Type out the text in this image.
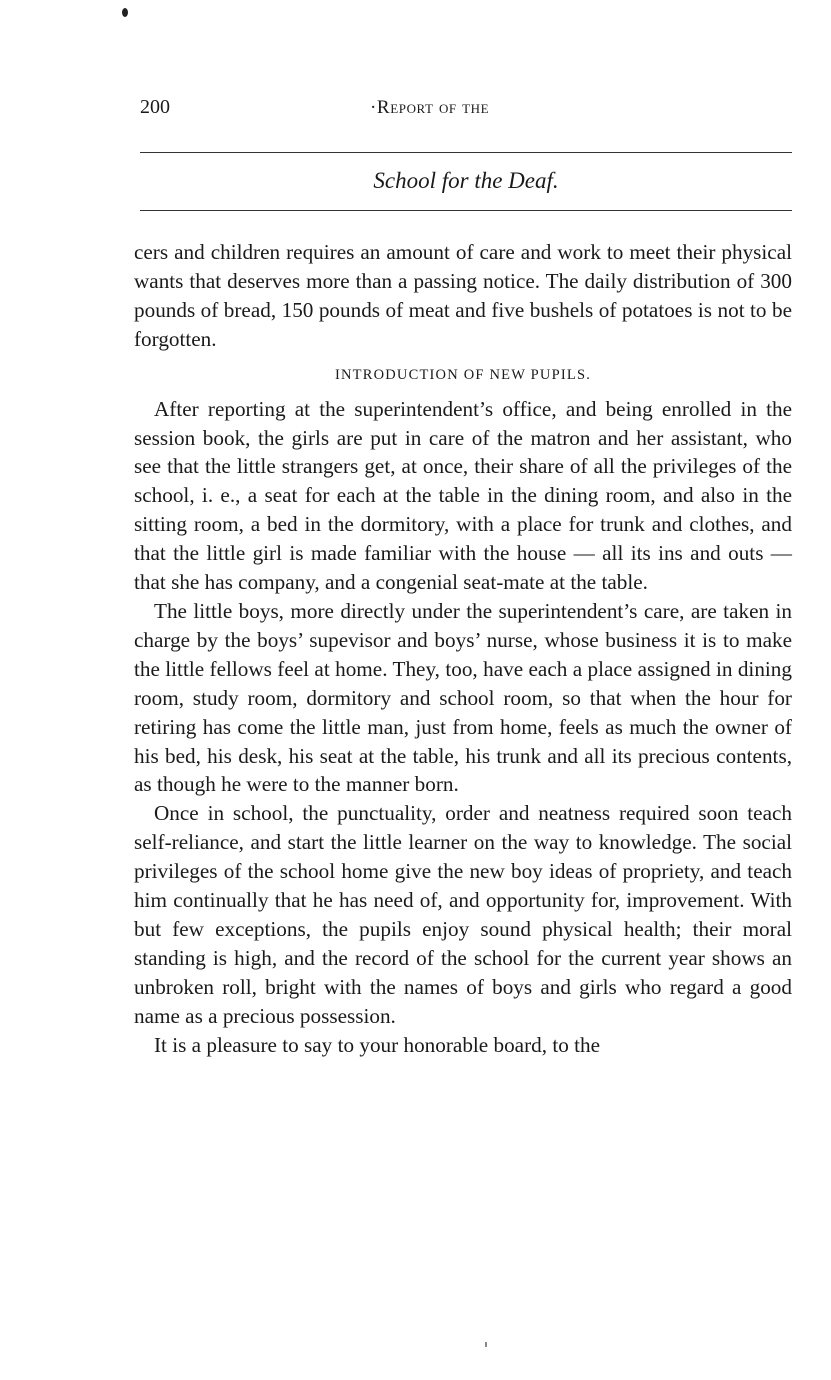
200	·Report of the
School for the Deaf.

cers and children requires an amount of care and work to meet their physical wants that deserves more than a passing notice. The daily distribution of 300 pounds of bread, 150 pounds of meat and five bushels of potatoes is not to be forgotten.

INTRODUCTION OF NEW PUPILS.

After reporting at the superintendent’s office, and being enrolled in the session book, the girls are put in care of the matron and her assistant, who see that the little strangers get, at once, their share of all the privileges of the school, i. e., a seat for each at the table in the dining room, and also in the sitting room, a bed in the dormitory, with a place for trunk and clothes, and that the little girl is made familiar with the house — all its ins and outs — that she has company, and a congenial seat-mate at the table.

The little boys, more directly under the superintendent’s care, are taken in charge by the boys’ supevisor and boys’ nurse, whose business it is to make the little fellows feel at home. They, too, have each a place assigned in dining room, study room, dormitory and school room, so that when the hour for retiring has come the little man, just from home, feels as much the owner of his bed, his desk, his seat at the table, his trunk and all its precious contents, as though he were to the manner born.

Once in school, the punctuality, order and neatness required soon teach self-reliance, and start the little learner on the way to knowledge. The social privileges of the school home give the new boy ideas of propriety, and teach him continually that he has need of, and opportunity for, improvement. With but few exceptions, the pupils enjoy sound physical health; their moral standing is high, and the record of the school for the current year shows an unbroken roll, bright with the names of boys and girls who regard a good name as a precious possession.

It is a pleasure to say to your honorable board, to the
